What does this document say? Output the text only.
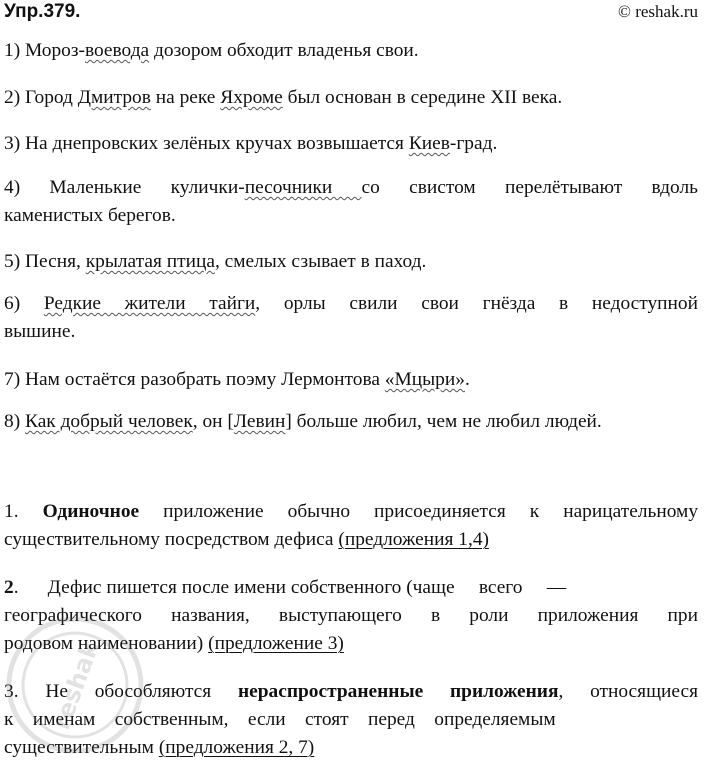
Упр.379.	© reshak.ru
1) Мороз-воевода дозором обходит владенья свои.
2) Город Дмитров на реке Яхроме был основан в середине XII века.
3) На днепровских зелёных кручах возвышается Киев-град.
4) Маленькие кулички-песочники со свистом перелётывают вдоль
каменистых берегов.
5) Песня, крылатая птица, смелых сзывает в паход.
6) Редкие жители тайги, орлы свили свои гнёзда в недоступной
вышине.
7) Нам остаётся разобрать поэму Лермонтова «Мцыри».
8) Как добрый человек, он [Левин] больше любил, чем не любил людей.
1. Одиночное приложение обычно присоединяется к нарицательному
существительному посредством дефиса (предложения 1,4)
2.      Дефис пишется после имени собственного (чаще     всего     —
географического названия, выступающего в роли приложения при
родовом наименовании) (предложение 3)
3. Не обособляются нераспространенные приложения, относящиеся
к    именам    собственным,    если    стоят    перед    определяемым
существительным (предложения 2, 7)
reshak
